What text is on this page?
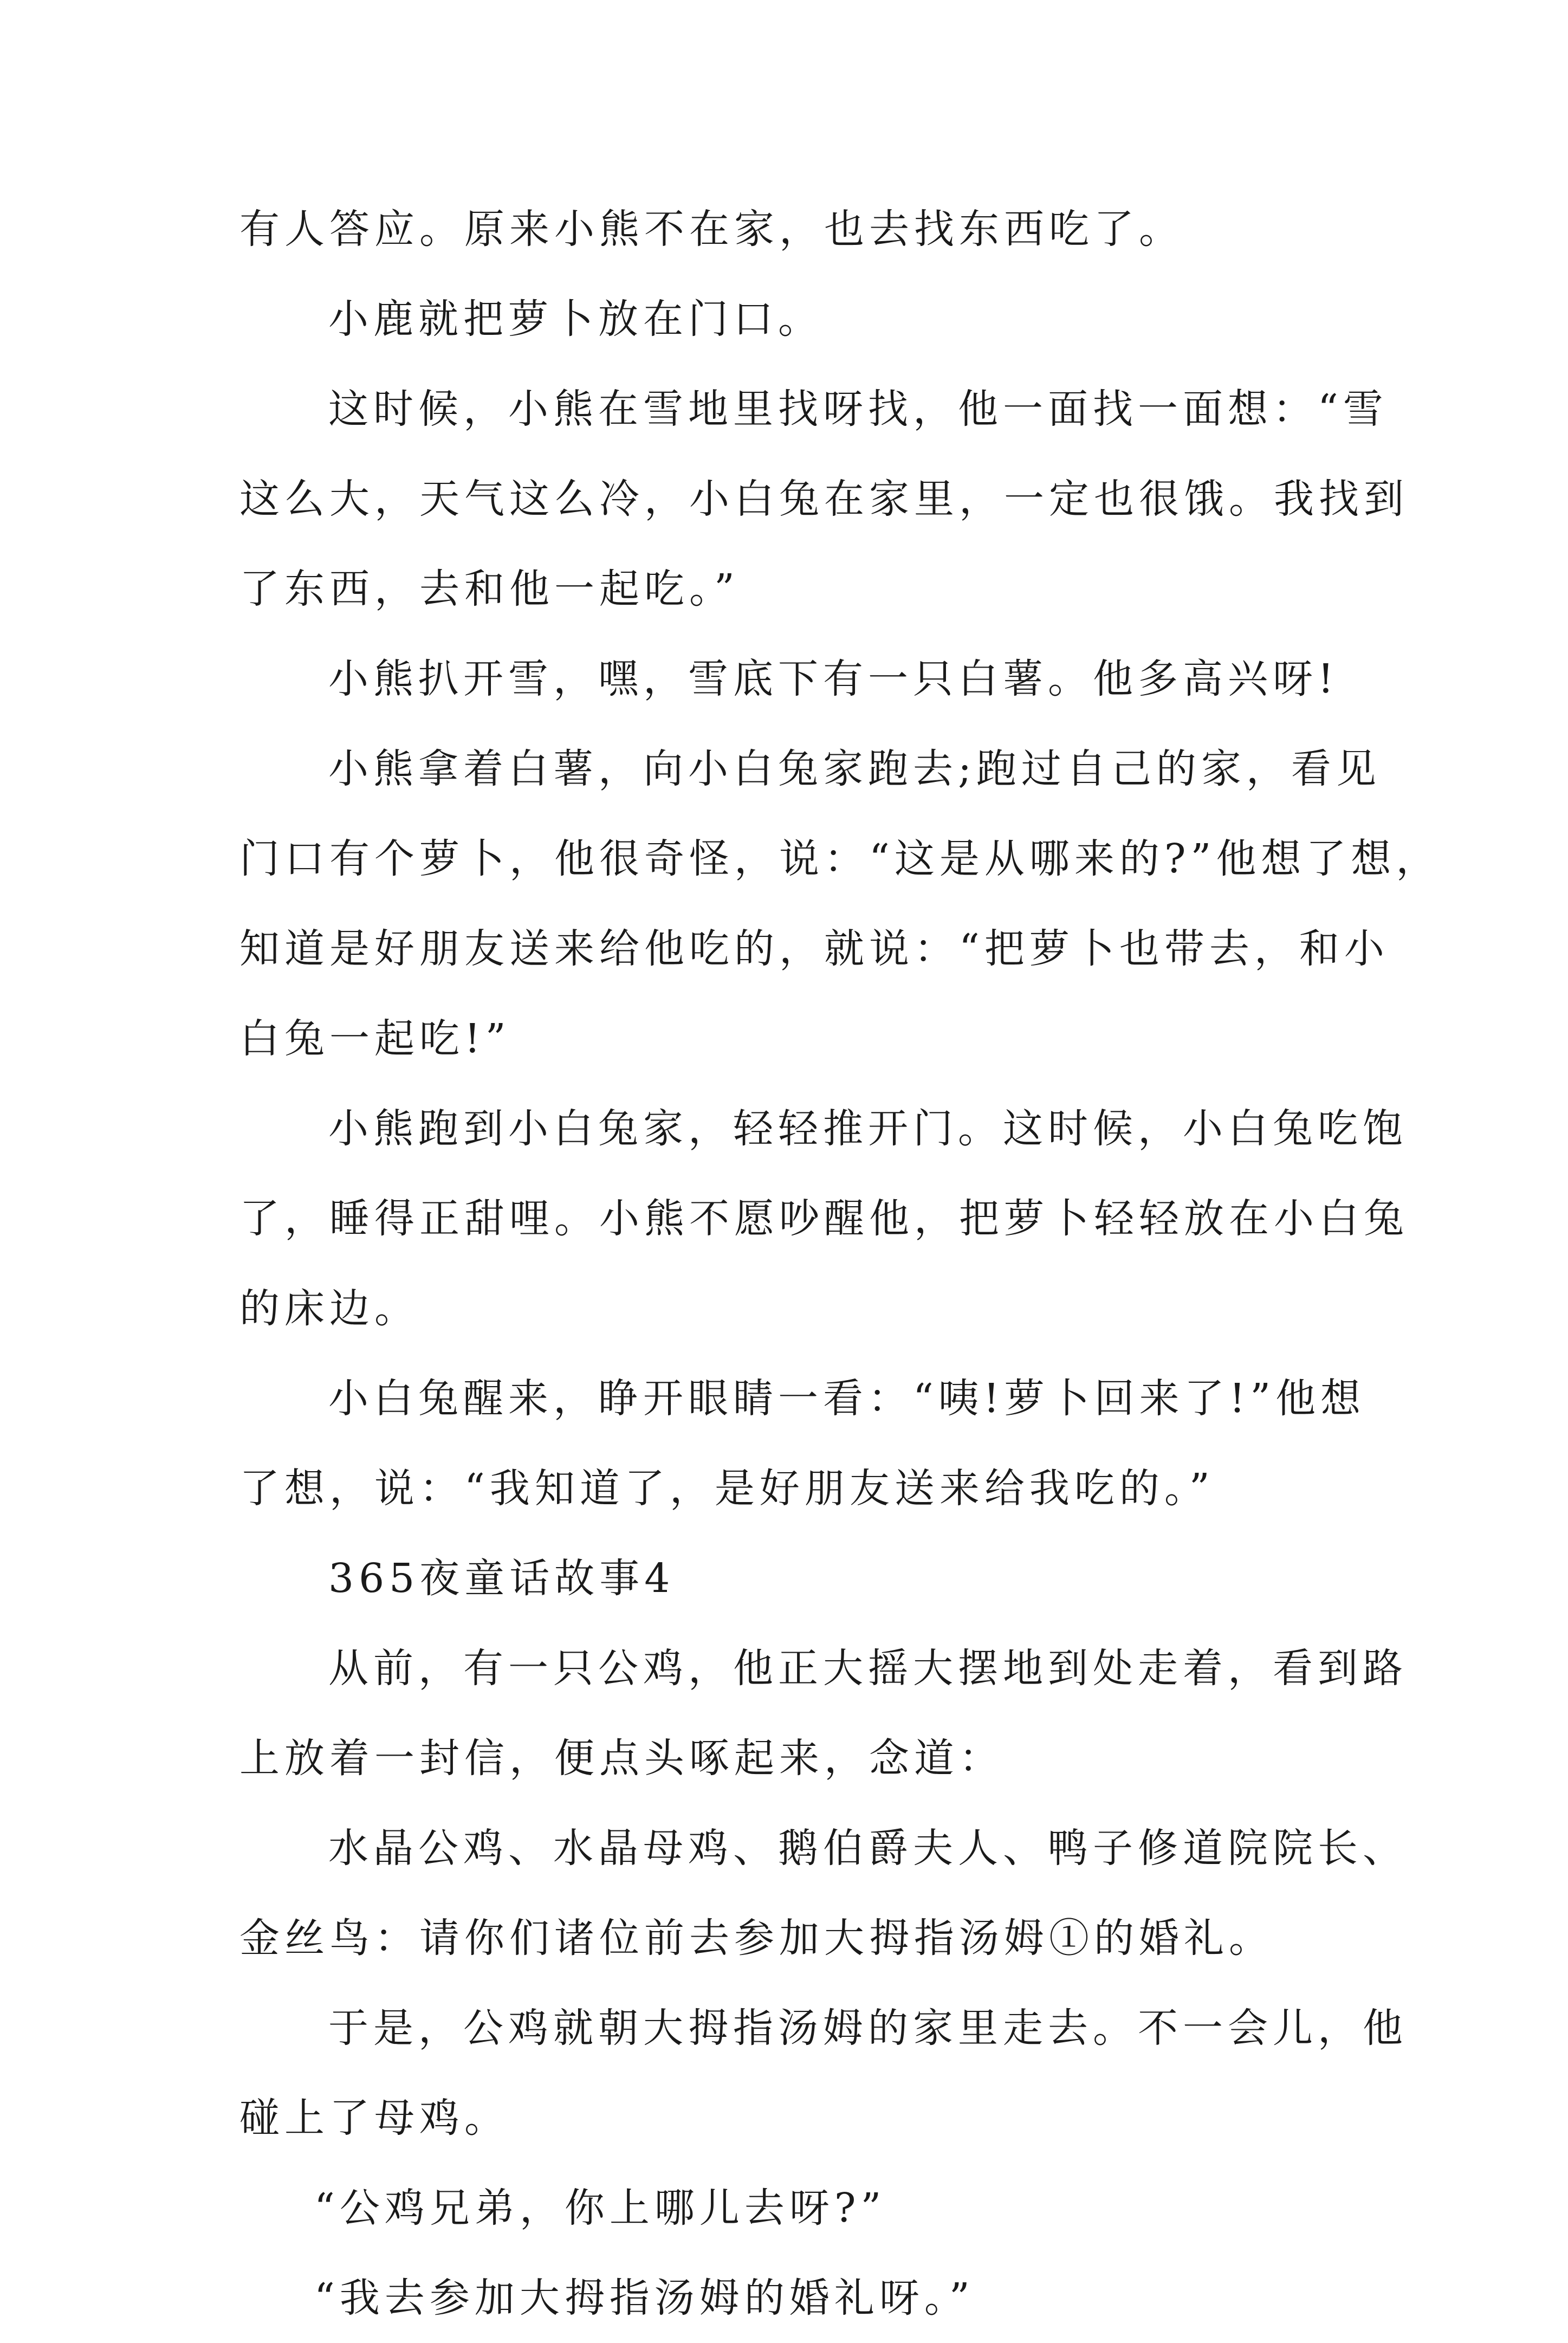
有人答应。原来小熊不在家，也去找东西吃了。
小鹿就把萝卜放在门口。
这时候，小熊在雪地里找呀找，他一面找一面想：“雪
这么大，天气这么冷，小白兔在家里，一定也很饿。我找到
了东西，去和他一起吃。”
小熊扒开雪，嘿，雪底下有一只白薯。他多高兴呀!
小熊拿着白薯，向小白兔家跑去;跑过自己的家，看见
门口有个萝卜，他很奇怪，说：“这是从哪来的?”他想了想，
知道是好朋友送来给他吃的，就说：“把萝卜也带去，和小
白兔一起吃!”
小熊跑到小白兔家，轻轻推开门。这时候，小白兔吃饱
了，睡得正甜哩。小熊不愿吵醒他，把萝卜轻轻放在小白兔
的床边。
小白兔醒来，睁开眼睛一看：“咦!萝卜回来了!”他想
了想，说：“我知道了，是好朋友送来给我吃的。”
365夜童话故事4
从前，有一只公鸡，他正大摇大摆地到处走着，看到路
上放着一封信，便点头啄起来，念道：
水晶公鸡、水晶母鸡、鹅伯爵夫人、鸭子修道院院长、
金丝鸟：请你们诸位前去参加大拇指汤姆①的婚礼。
于是，公鸡就朝大拇指汤姆的家里走去。不一会儿，他
碰上了母鸡。
“公鸡兄弟，你上哪儿去呀?”
“我去参加大拇指汤姆的婚礼呀。”
